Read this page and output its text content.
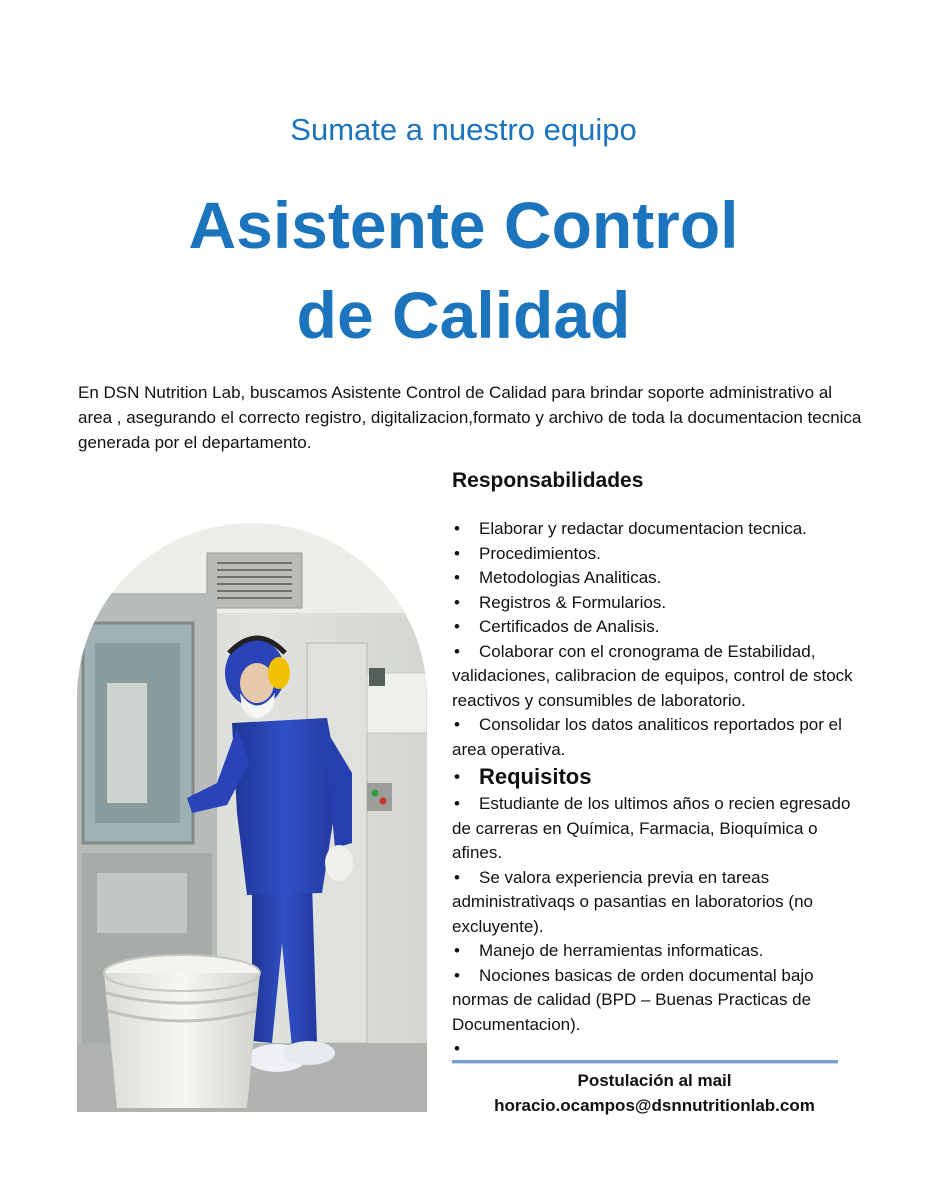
Sumate a nuestro equipo
Asistente Control
de Calidad

En DSN Nutrition Lab, buscamos Asistente Control de Calidad para brindar soporte administrativo al area , asegurando el correcto registro, digitalizacion,formato y archivo de toda la documentacion tecnica generada por el departamento.

Responsabilidades
• Elaborar y redactar documentacion tecnica.
• Procedimientos.
• Metodologias Analiticas.
• Registros & Formularios.
• Certificados de Analisis.
• Colaborar con el cronograma de Estabilidad, validaciones, calibracion de equipos, control de stock reactivos y consumibles de laboratorio.
• Consolidar los datos analiticos reportados por el area operativa.
• Requisitos
• Estudiante de los ultimos años o recien egresado de carreras en Química, Farmacia, Bioquímica o afines.
• Se valora experiencia previa en tareas administrativaqs o pasantias en laboratorios (no excluyente).
• Manejo de herramientas informaticas.
• Nociones basicas de orden documental bajo normas de calidad (BPD – Buenas Practicas de Documentacion).
•
Postulación al mail
horacio.ocampos@dsnnutritionlab.com
